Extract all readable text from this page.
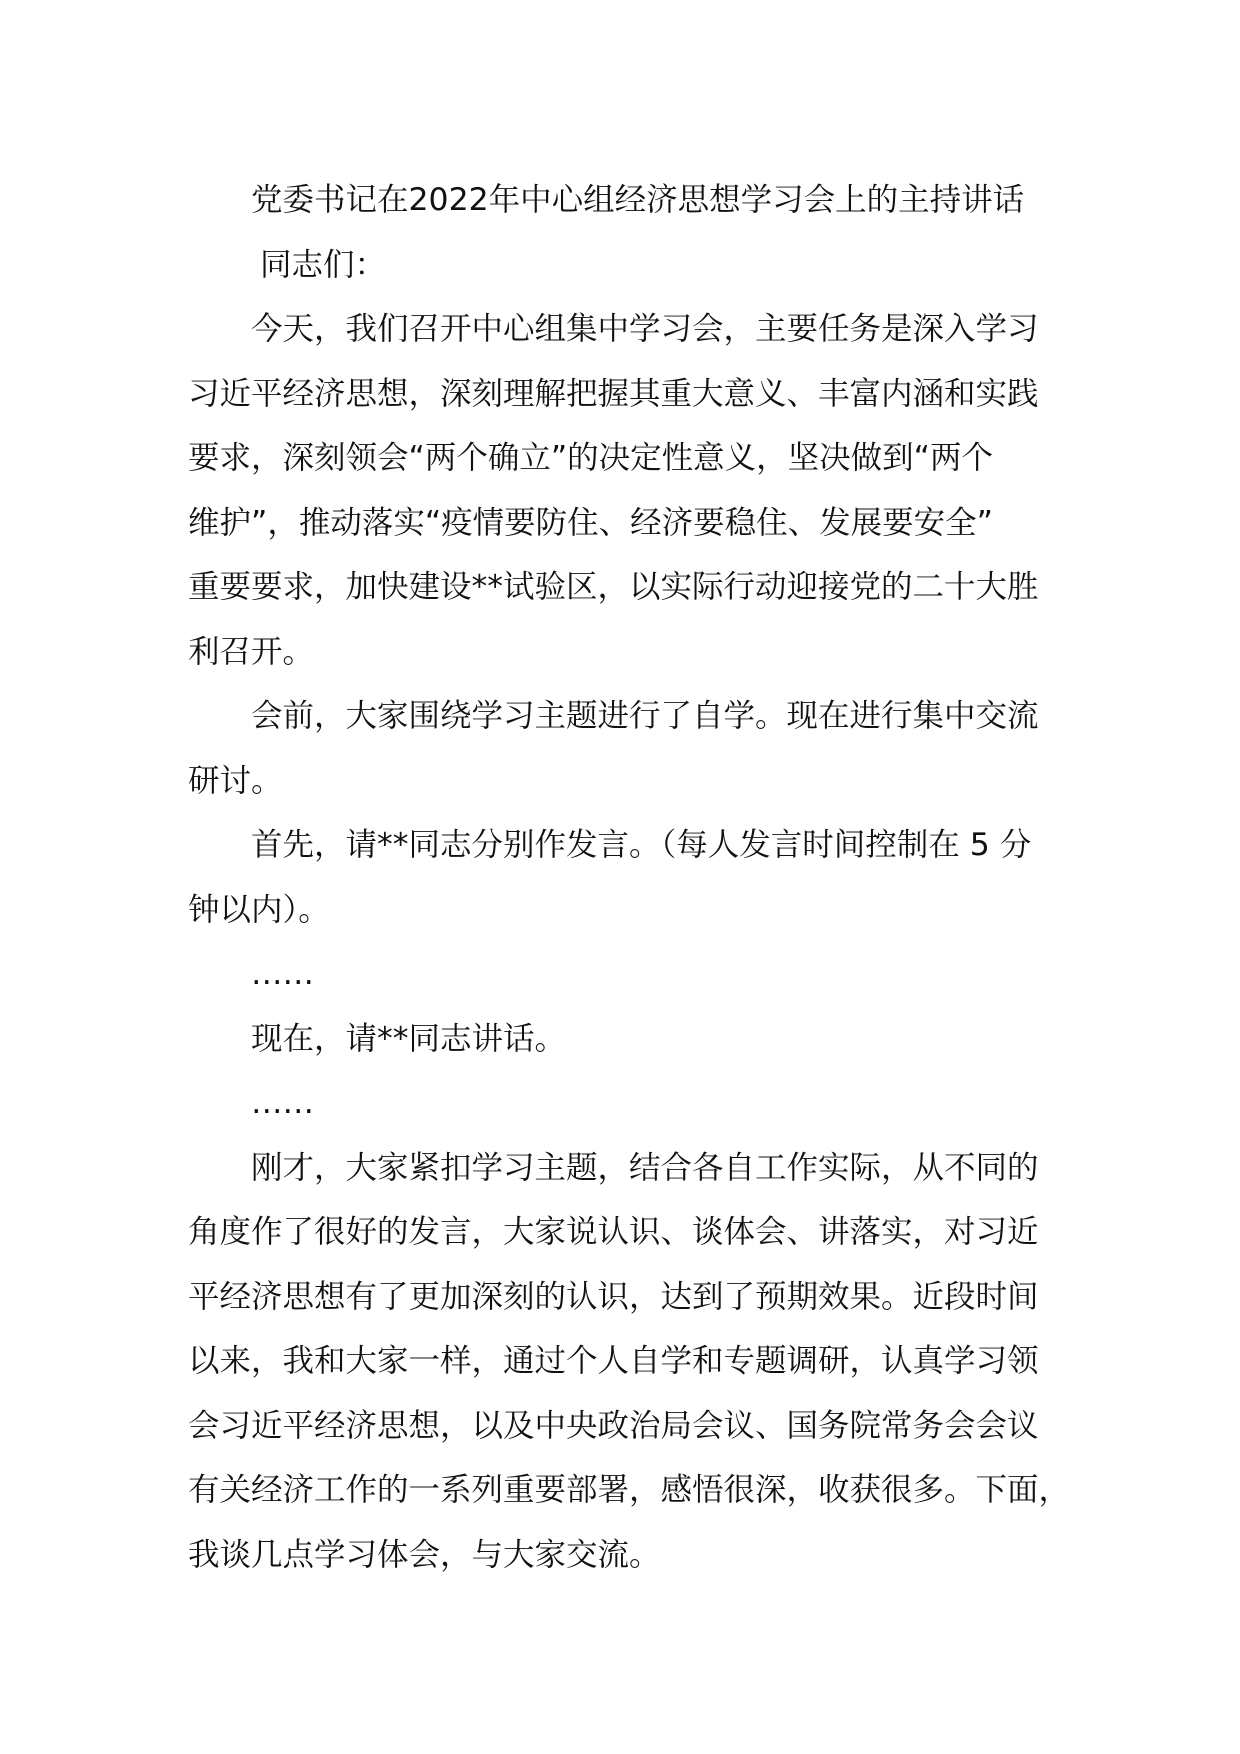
党委书记在2022年中心组经济思想学习会上的主持讲话
同志们：
今天，我们召开中心组集中学习会，主要任务是深入学习
习近平经济思想，深刻理解把握其重大意义、丰富内涵和实践
要求，深刻领会“两个确立”的决定性意义，坚决做到“两个
维护”，推动落实“疫情要防住、经济要稳住、发展要安全”
重要要求，加快建设**试验区，以实际行动迎接党的二十大胜
利召开。
会前，大家围绕学习主题进行了自学。现在进行集中交流
研讨。
首先，请**同志分别作发言。（每人发言时间控制在 5 分
钟以内）。
……
现在，请**同志讲话。
……
刚才，大家紧扣学习主题，结合各自工作实际，从不同的
角度作了很好的发言，大家说认识、谈体会、讲落实，对习近
平经济思想有了更加深刻的认识，达到了预期效果。近段时间
以来，我和大家一样，通过个人自学和专题调研，认真学习领
会习近平经济思想，以及中央政治局会议、国务院常务会会议
有关经济工作的一系列重要部署，感悟很深，收获很多。下面，
我谈几点学习体会，与大家交流。
